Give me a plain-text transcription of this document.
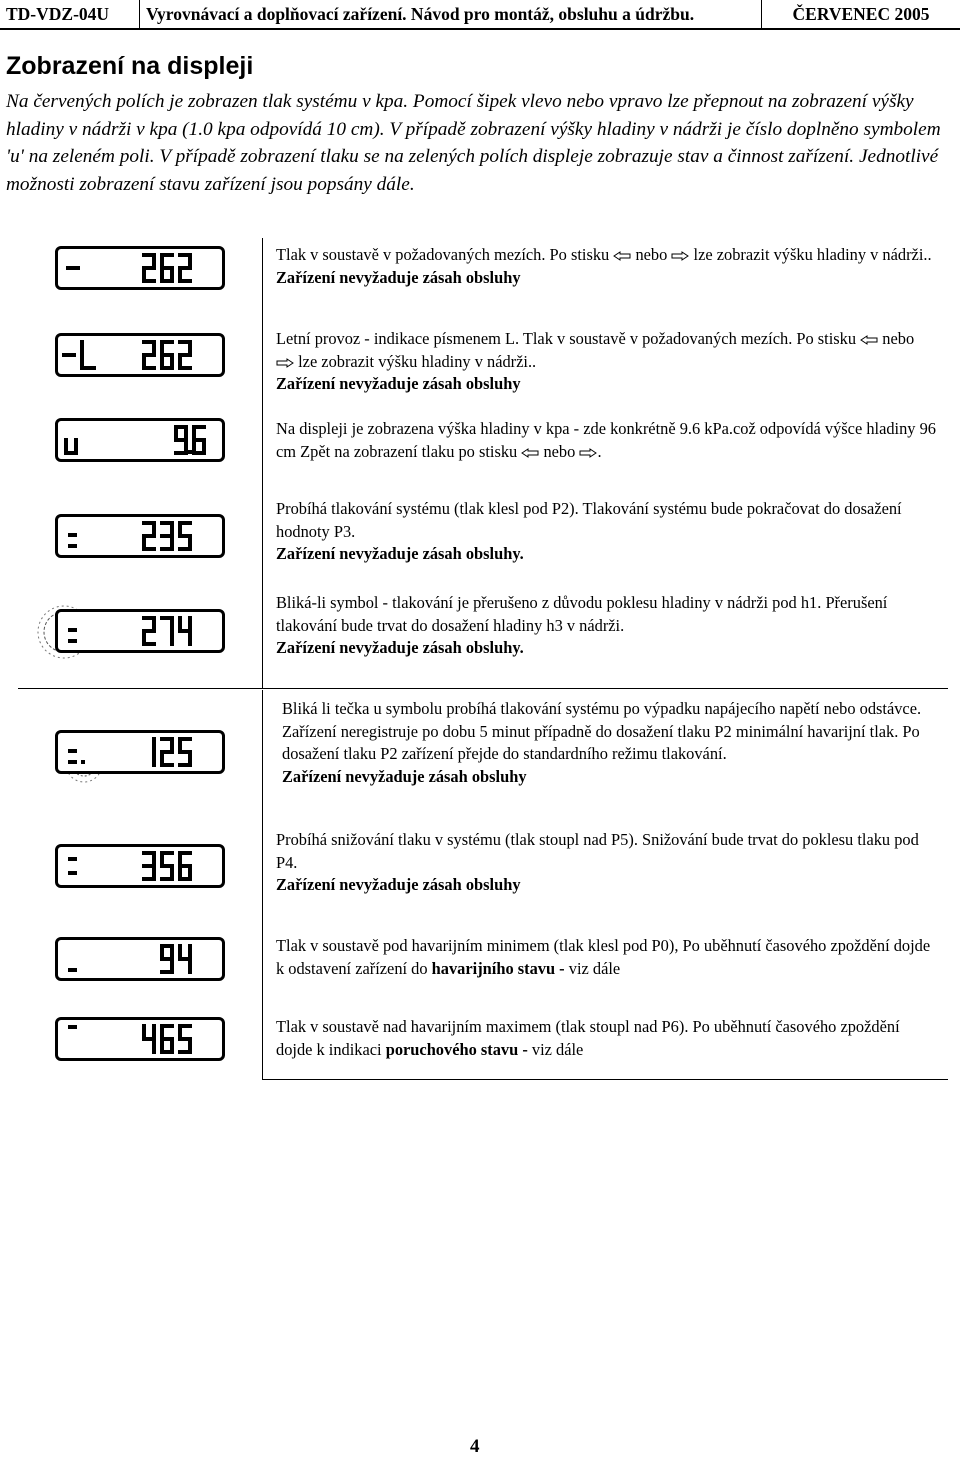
TD-VDZ-04U	Vyrovnávací a doplňovací zařízení. Návod pro montáž, obsluhu a údržbu.	ČERVENEC 2005
Zobrazení na displeji

Na červených polích je zobrazen tlak systému v kpa. Pomocí šipek vlevo nebo vpravo lze přepnout na zobrazení výšky hladiny v nádrži v kpa (1.0 kpa odpovídá 10 cm). V případě zobrazení výšky hladiny v nádrži je číslo doplněno symbolem 'u' na zeleném poli. V případě zobrazení tlaku se na zelených polích displeje zobrazuje stav a činnost zařízení. Jednotlivé možnosti zobrazení stavu zařízení jsou popsány dále.

Tlak v soustavě v požadovaných mezích. Po stisku nebo lze zobrazit výšku hladiny v nádrži..
Zařízení nevyžaduje zásah obsluhy

Letní provoz - indikace písmenem L. Tlak v soustavě v požadovaných mezích. Po stisku nebo  lze zobrazit výšku hladiny v nádrži..
Zařízení nevyžaduje zásah obsluhy

Na displeji je zobrazena výška hladiny v kpa - zde konkrétně 9.6 kPa.což odpovídá výšce hladiny 96 cm Zpět na zobrazení tlaku po stisku nebo .

Probíhá tlakování systému (tlak klesl pod P2). Tlakování systému bude pokračovat do dosažení hodnoty P3.
Zařízení nevyžaduje zásah obsluhy.

Bliká-li symbol - tlakování je přerušeno z důvodu poklesu hladiny v nádrži pod h1. Přerušení tlakování bude trvat do dosažení hladiny h3 v nádrži.
Zařízení nevyžaduje zásah obsluhy.

Bliká li tečka u symbolu probíhá tlakování systému po výpadku napájecího napětí nebo odstávce. Zařízení neregistruje po dobu 5 minut případně do dosažení tlaku P2 minimální havarijní tlak. Po dosažení tlaku P2 zařízení přejde do standardního režimu tlakování.
Zařízení nevyžaduje zásah obsluhy

Probíhá snižování tlaku v systému (tlak stoupl nad P5). Snižování bude trvat do poklesu tlaku pod P4.
Zařízení nevyžaduje zásah obsluhy

Tlak v soustavě pod havarijním minimem (tlak klesl pod P0), Po uběhnutí časového zpoždění dojde k odstavení zařízení do havarijního stavu - viz dále

Tlak v soustavě nad havarijním maximem (tlak stoupl nad P6). Po uběhnutí časového zpoždění dojde k indikaci poruchového stavu - viz dále

4
